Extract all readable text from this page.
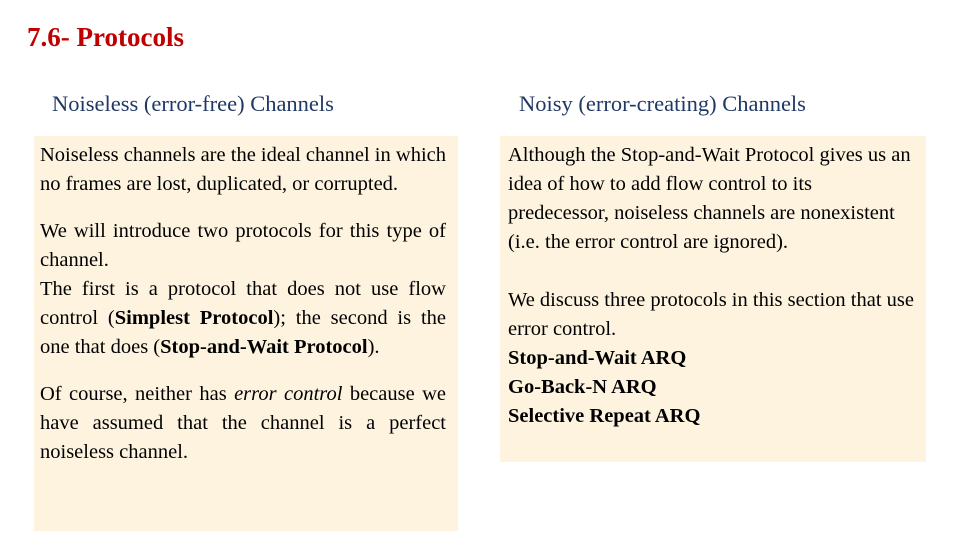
7.6- Protocols
Noiseless (error-free) Channels	Noisy (error-creating) Channels

Noiseless channels are the ideal channel in which no frames are lost, duplicated, or corrupted.

We will introduce two protocols for this type of channel.

The first is a protocol that does not use flow control (Simplest Protocol); the second is the one that does (Stop-and-Wait Protocol).

Of course, neither has error control because we have assumed that the channel is a perfect noiseless channel.

Although the Stop-and-Wait Protocol gives us an idea of how to add flow control to its predecessor, noiseless channels are nonexistent (i.e. the error control are ignored).

We discuss three protocols in this section that use error control.

Stop-and-Wait ARQ
Go-Back-N ARQ
Selective Repeat ARQ
